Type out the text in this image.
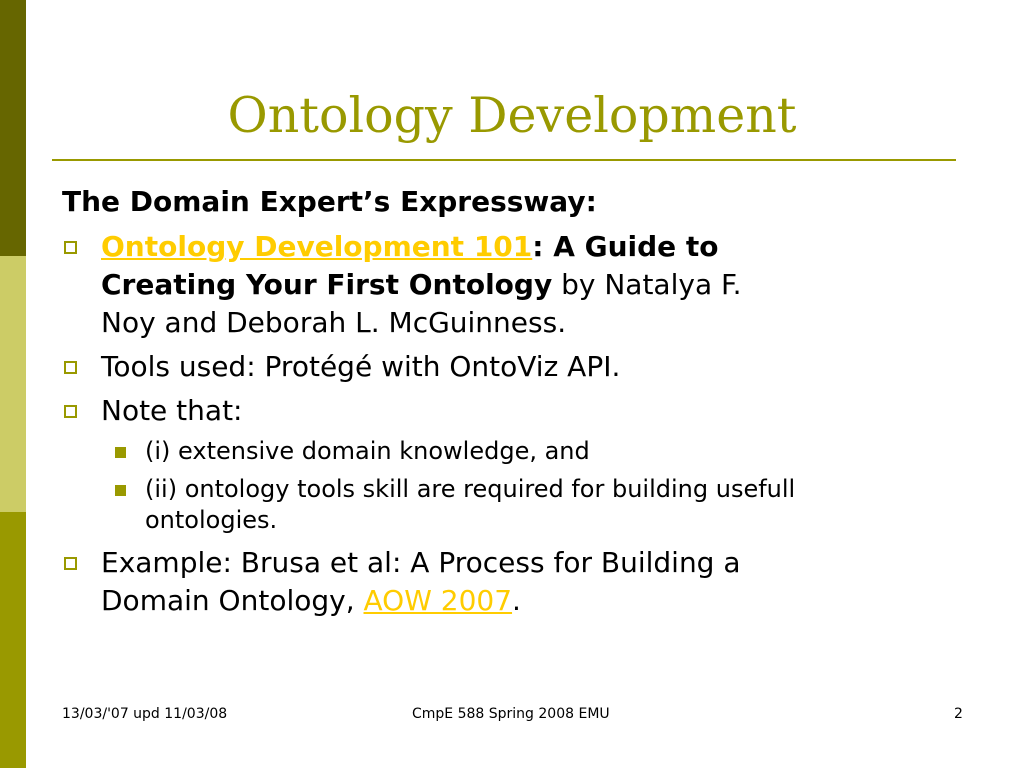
Ontology Development
The Domain Expert’s Expressway:
Ontology Development 101: A Guide to
Creating Your First Ontology by Natalya F.
Noy and Deborah L. McGuinness.
Tools used: Protégé with OntoViz API.
Note that:
(i) extensive domain knowledge, and
(ii) ontology tools skill are required for building usefull
ontologies.
Example: Brusa et al: A Process for Building a
Domain Ontology, AOW 2007.
13/03/'07 upd 11/03/08	CmpE 588 Spring 2008 EMU	2
